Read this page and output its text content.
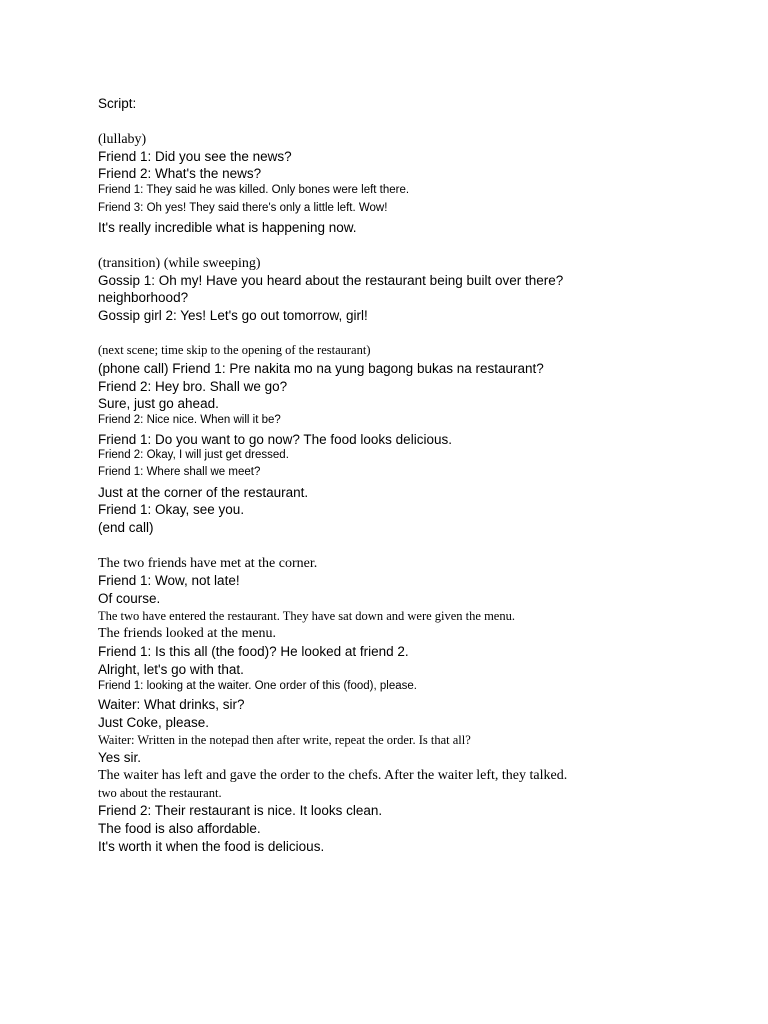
Script:

(lullaby)

Friend 1: Did you see the news?

Friend 2: What's the news?

Friend 1: They said he was killed. Only bones were left there.

Friend 3: Oh yes! They said there's only a little left. Wow!

It's really incredible what is happening now.

(transition) (while sweeping)

Gossip 1: Oh my! Have you heard about the restaurant being built over there?

neighborhood?

Gossip girl 2: Yes! Let's go out tomorrow, girl!

(next scene; time skip to the opening of the restaurant)

(phone call) Friend 1: Pre nakita mo na yung bagong bukas na restaurant?

Friend 2: Hey bro. Shall we go?

Sure, just go ahead.

Friend 2: Nice nice. When will it be?

Friend 1: Do you want to go now? The food looks delicious.

Friend 2: Okay, I will just get dressed.

Friend 1: Where shall we meet?

Just at the corner of the restaurant.

Friend 1: Okay, see you.

(end call)

The two friends have met at the corner.

Friend 1: Wow, not late!

Of course.

The two have entered the restaurant. They have sat down and were given the menu.

The friends looked at the menu.

Friend 1: Is this all (the food)? He looked at friend 2.

Alright, let's go with that.

Friend 1: looking at the waiter. One order of this (food), please.

Waiter: What drinks, sir?

Just Coke, please.

Waiter: Written in the notepad then after write, repeat the order. Is that all?

Yes sir.

The waiter has left and gave the order to the chefs. After the waiter left, they talked.

two about the restaurant.

Friend 2: Their restaurant is nice. It looks clean.

The food is also affordable.

It's worth it when the food is delicious.
